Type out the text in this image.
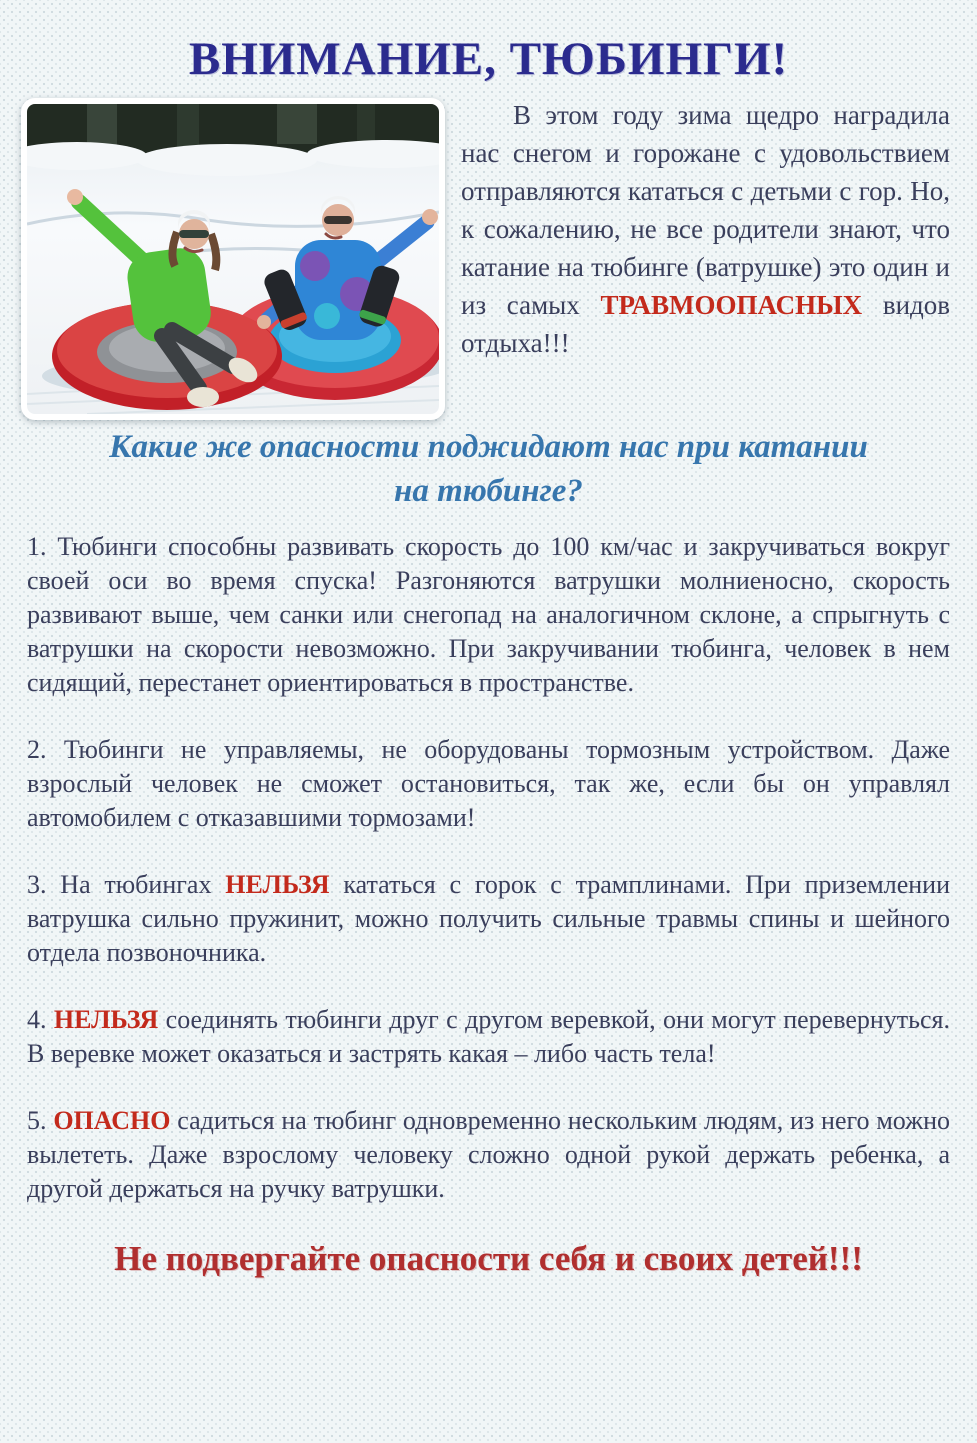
ВНИМАНИЕ, ТЮБИНГИ!

В этом году зима щедро наградила нас снегом и горожане с удовольствием отправляются кататься с детьми с гор. Но, к сожалению, не все родители знают, что катание на тюбинге (ватрушке) это один и из самых ТРАВМООПАСНЫХ видов отдыха!!!

Какие же опасности поджидают нас при катании на тюбинге?

1. Тюбинги способны развивать скорость до 100 км/час и закручиваться вокруг своей оси во время спуска! Разгоняются ватрушки молниеносно, скорость развивают выше, чем санки или снегопад на аналогичном склоне, а спрыгнуть с ватрушки на скорости невозможно. При закручивании тюбинга, человек в нем сидящий, перестанет ориентироваться в пространстве.

2. Тюбинги не управляемы, не оборудованы тормозным устройством. Даже взрослый человек не сможет остановиться, так же, если бы он управлял автомобилем с отказавшими тормозами!

3. На тюбингах НЕЛЬЗЯ кататься с горок с трамплинами. При приземлении ватрушка сильно пружинит, можно получить сильные травмы спины и шейного отдела позвоночника.

4. НЕЛЬЗЯ соединять тюбинги друг с другом веревкой, они могут перевернуться. В веревке может оказаться и застрять какая – либо часть тела!

5. ОПАСНО садиться на тюбинг одновременно нескольким людям, из него можно вылететь. Даже взрослому человеку сложно одной рукой держать ребенка, а другой держаться на ручку ватрушки.

Не подвергайте опасности себя и своих детей!!!
